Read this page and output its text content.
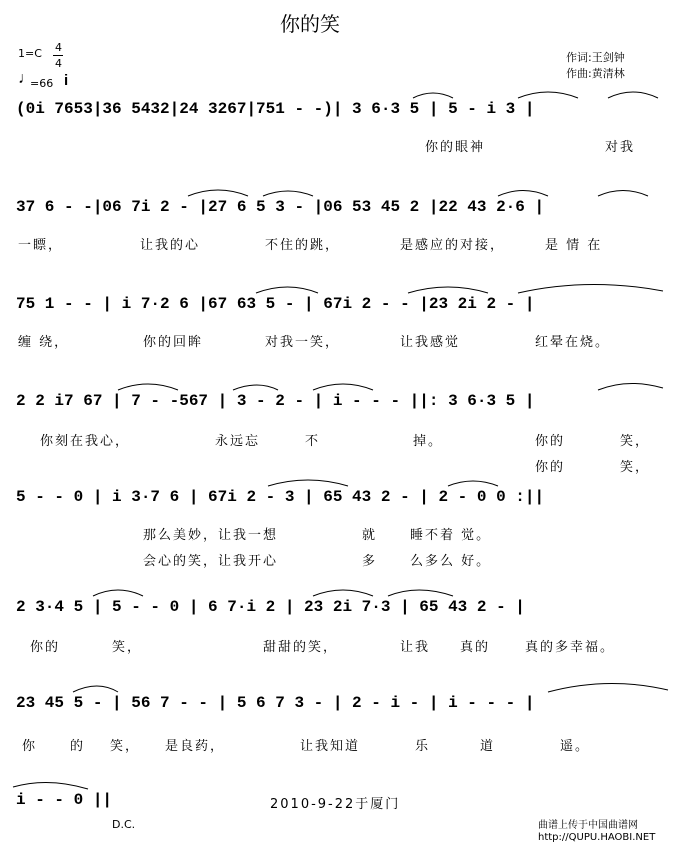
你的笑
1=C 4
4
♩
=66 i
作词:王剑钟
作曲:黄清林
(0i 7653|36 5432|24 3267|751 - -)| 3 6·3 5 | 5 - i 3 |
你的眼神	对我
37 6 - -|06 7i 2 - |27 6 5 3 - |06 53 45 2 |22 43 2·6 |
一瞟，	让我的心	不住的跳，	是感应的对接，	是 情 在
75 1 - - | i 7·2 6 |67 63 5 - | 67i 2 - - |23 2i 2 - |
缠 绕，	你的回眸	对我一笑，	让我感觉	红晕在烧。
2 2 i7 67 | 7 - -567 | 3 - 2 - | i - - - ||: 3 6·3 5 |
你刻在我心，	永远忘	不	掉。	你的	笑，
你的	笑，
5 - - 0 | i 3·7 6 | 67i 2 - 3 | 65 43 2 - | 2 - 0 0 :||
那么美妙，让我一想	就	睡不着 觉。
会心的笑，让我开心	多	么多么 好。
2 3·4 5 | 5 - - 0 | 6 7·i 2 | 23 2i 7·3 | 65 43 2 - |
你的	笑，	甜甜的笑，	让我 真的	真的多幸福。
23 45 5 - | 56 7 - - | 5 6 7 3 - | 2 - i - | i - - - |
你	的 笑， 是良药，	让我知道	乐	道	遥。
i - - 0 ||
D.C.
2010-9-22于厦门
曲谱上传于中国曲谱网
http://QUPU.HAOBI.NET
